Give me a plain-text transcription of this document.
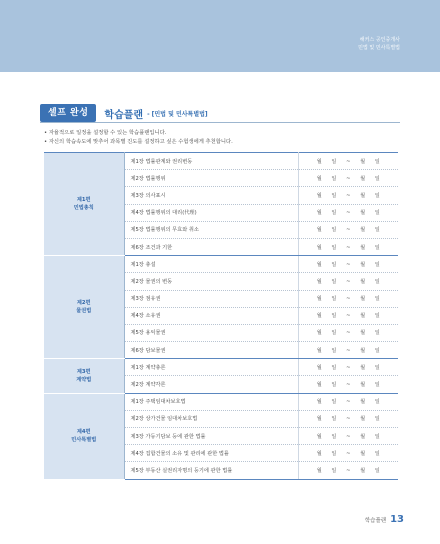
해커스 공인중개사
민법 및 민사특별법
셀프 완성	학습플랜 - [민법 및 민사특별법]
• 자율적으로 일정을 설정할 수 있는 학습플랜입니다.
• 자신의 학습속도에 맞추어 과목별 진도를 설정하고 싶은 수험생에게 추천합니다.
제1편
민법총칙	제1장 법률관계와 권리변동	월 일 ~ 월 일
	제2장 법률행위	월 일 ~ 월 일
	제3장 의사표시	월 일 ~ 월 일
	제4장 법률행위의 대리(代理)	월 일 ~ 월 일
	제5장 법률행위의 무효와 취소	월 일 ~ 월 일
	제6장 조건과 기한	월 일 ~ 월 일
제2편
물권법	제1장 총설	월 일 ~ 월 일
	제2장 물권의 변동	월 일 ~ 월 일
	제3장 점유권	월 일 ~ 월 일
	제4장 소유권	월 일 ~ 월 일
	제5장 용익물권	월 일 ~ 월 일
	제6장 담보물권	월 일 ~ 월 일
제3편
계약법	제1장 계약총론	월 일 ~ 월 일
	제2장 계약각론	월 일 ~ 월 일
제4편
민사특별법	제1장 주택임대차보호법	월 일 ~ 월 일
	제2장 상가건물 임대차보호법	월 일 ~ 월 일
	제3장 가등기담보 등에 관한 법률	월 일 ~ 월 일
	제4장 집합건물의 소유 및 관리에 관한 법률	월 일 ~ 월 일
	제5장 부동산 실권리자명의 등기에 관한 법률	월 일 ~ 월 일
학습플랜 13
